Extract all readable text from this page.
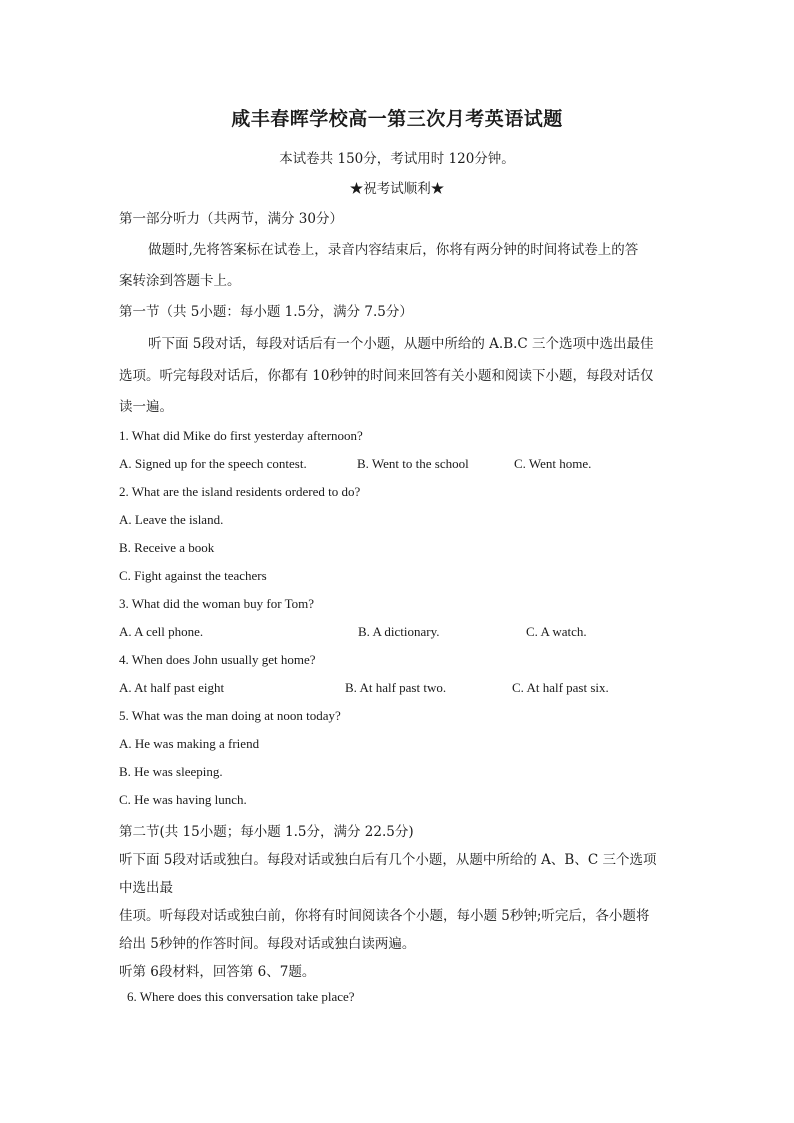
咸丰春晖学校高一第三次月考英语试题
本试卷共 150分，考试用时 120分钟。
★祝考试顺利★
第一部分听力（共两节，满分 30分）
做题时,先将答案标在试卷上，录音内容结束后，你将有两分钟的时间将试卷上的答
案转涂到答题卡上。
第一节（共 5小题：每小题 1.5分，满分 7.5分）
听下面 5段对话，每段对话后有一个小题，从题中所给的 A.B.C 三个选项中选出最佳
选项。听完每段对话后，你都有 10秒钟的时间来回答有关小题和阅读下小题，每段对话仅
读一遍。
1. What did Mike do first yesterday afternoon?
A. Signed up for the speech contest.	B. Went to the school	C. Went home.
2. What are the island residents ordered to do?
A. Leave the island.
B. Receive a book
C. Fight against the teachers
3. What did the woman buy for Tom?
A. A cell phone.	B. A dictionary.	C. A watch.
4. When does John usually get home?
A. At half past eight	B. At half past two.	C. At half past six.
5. What was the man doing at noon today?
A. He was making a friend
B. He was sleeping.
C. He was having lunch.
第二节(共 15小题；每小题 1.5分，满分 22.5分)
听下面 5段对话或独白。每段对话或独白后有几个小题，从题中所给的 A、B、C 三个选项
中选出最
佳项。听每段对话或独白前，你将有时间阅读各个小题，每小题 5秒钟;听完后，各小题将
给出 5秒钟的作答时间。每段对话或独白读两遍。
听第 6段材料，回答第 6、7题。
6. Where does this conversation take place?
